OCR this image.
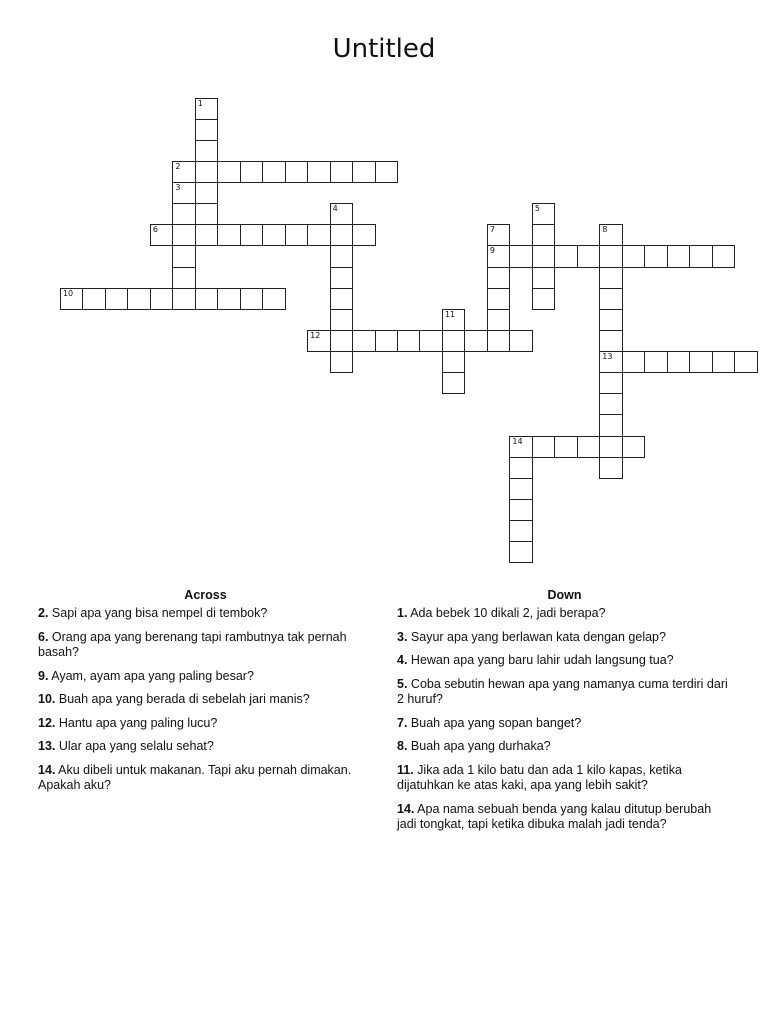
Untitled
1
2
3
4	5
6	7
9
8
13
10
11
12
14
Across
2. Sapi apa yang bisa nempel di tembok?
6. Orang apa yang berenang tapi rambutnya tak pernah basah?
9. Ayam, ayam apa yang paling besar?
10. Buah apa yang berada di sebelah jari manis?
12. Hantu apa yang paling lucu?
13. Ular apa yang selalu sehat?
14. Aku dibeli untuk makanan. Tapi aku pernah dimakan. Apakah aku?
Down
1. Ada bebek 10 dikali 2, jadi berapa?
3. Sayur apa yang berlawan kata dengan gelap?
4. Hewan apa yang baru lahir udah langsung tua?
5. Coba sebutin hewan apa yang namanya cuma terdiri dari 2 huruf?
7. Buah apa yang sopan banget?
8. Buah apa yang durhaka?
11. Jika ada 1 kilo batu dan ada 1 kilo kapas, ketika dijatuhkan ke atas kaki, apa yang lebih sakit?
14. Apa nama sebuah benda yang kalau ditutup berubah jadi tongkat, tapi ketika dibuka malah jadi tenda?
